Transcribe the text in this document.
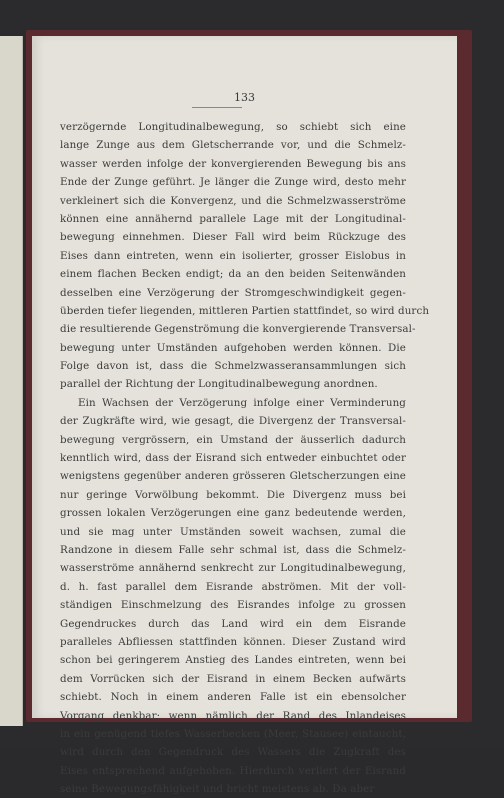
133
verzögernde Longitudinalbewegung, so schiebt sich eine
lange Zunge aus dem Gletscherrande vor, und die Schmelz-
wasser werden infolge der konvergierenden Bewegung bis ans
Ende der Zunge geführt. Je länger die Zunge wird, desto mehr
verkleinert sich die Konvergenz, und die Schmelzwasserströme
können eine annähernd parallele Lage mit der Longitudinal-
bewegung einnehmen. Dieser Fall wird beim Rückzuge des
Eises dann eintreten, wenn ein isolierter, grosser Eislobus in
einem flachen Becken endigt; da an den beiden Seitenwänden
desselben eine Verzögerung der Stromgeschwindigkeit gegen-
überden tiefer liegenden, mittleren Partien stattfindet, so wird durch
die resultierende Gegenströmung die konvergierende Transversal-
bewegung unter Umständen aufgehoben werden können. Die
Folge davon ist, dass die Schmelzwasseransammlungen sich
parallel der Richtung der Longitudinalbewegung anordnen.
Ein Wachsen der Verzögerung infolge einer Verminderung
der Zugkräfte wird, wie gesagt, die Divergenz der Transversal-
bewegung vergrössern, ein Umstand der äusserlich dadurch
kenntlich wird, dass der Eisrand sich entweder einbuchtet oder
wenigstens gegenüber anderen grösseren Gletscherzungen eine
nur geringe Vorwölbung bekommt. Die Divergenz muss bei
grossen lokalen Verzögerungen eine ganz bedeutende werden,
und sie mag unter Umständen soweit wachsen, zumal die
Randzone in diesem Falle sehr schmal ist, dass die Schmelz-
wasserströme annähernd senkrecht zur Longitudinalbewegung,
d. h. fast parallel dem Eisrande abströmen. Mit der voll-
ständigen Einschmelzung des Eisrandes infolge zu grossen
Gegendruckes durch das Land wird ein dem Eisrande
paralleles Abfliessen stattfinden können. Dieser Zustand wird
schon bei geringerem Anstieg des Landes eintreten, wenn bei
dem Vorrücken sich der Eisrand in einem Becken aufwärts
schiebt. Noch in einem anderen Falle ist ein ebensolcher
Vorgang denkbar; wenn nämlich der Rand des Inlandeises
in ein genügend tiefes Wasserbecken (Meer, Stausee) eintaucht,
wird durch den Gegendruck des Wassers die Zugkraft des
Eises entsprechend aufgehoben. Hierdurch verliert der Eisrand
seine Bewegungsfähigkeit und bricht meistens ab. Da aber
